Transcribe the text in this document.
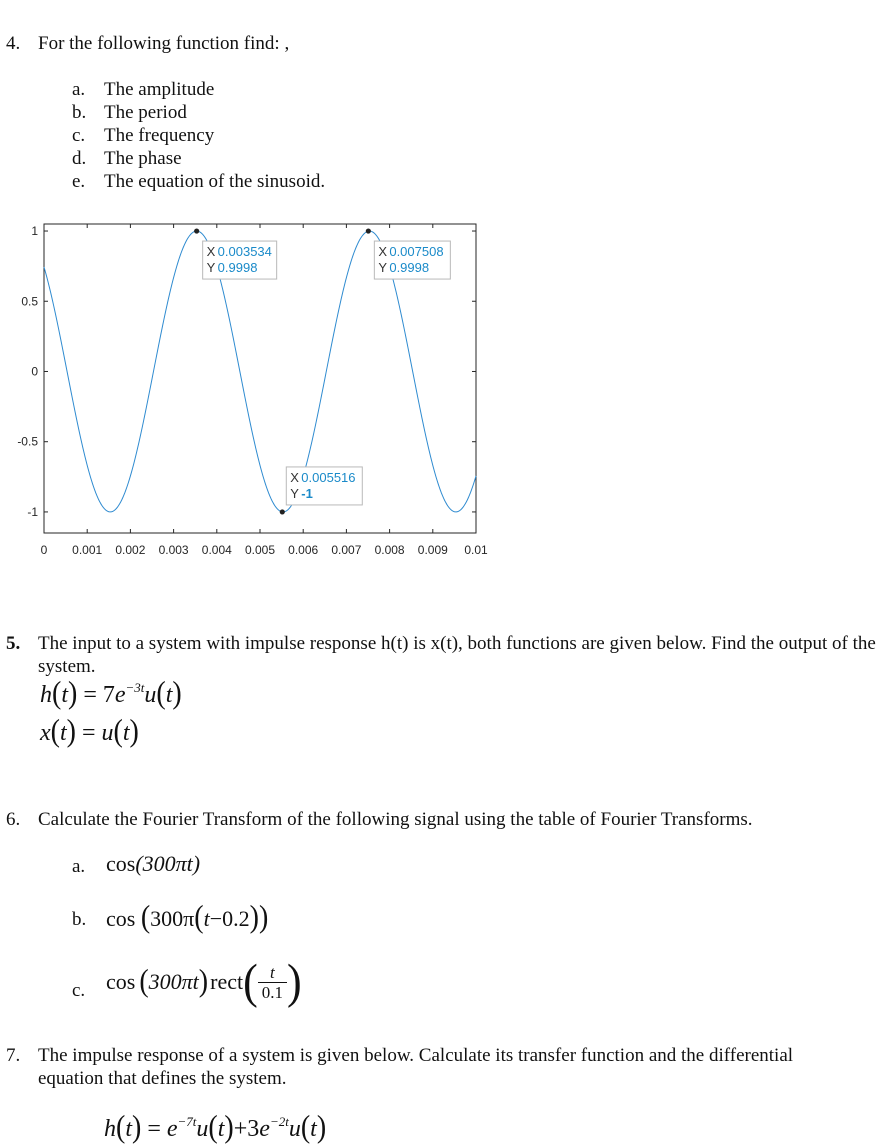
4. For the following function find: ,
a. The amplitude
b. The period
c. The frequency
d. The phase
e. The equation of the sinusoid.
0 0.001 0.002 0.003 0.004 0.005 0.006 0.007 0.008 0.009 0.01
1
0.5
0
-0.5
-1
X 0.003534
Y 0.9998
X 0.005516
Y -1
X 0.007508
Y 0.9998
5. The input to a system with impulse response h(t) is x(t), both functions are given below. Find the output of the system.
$h(t) = 7e^{-3t}u(t)$
x(t) = u(t)
6. Calculate the Fourier Transform of the following signal using the table of Fourier Transforms.
a. cos(300πt)
b. cos (300π(t−0.2))
c. cos ( 300πt ) rect ( $\frac{t}{0.1}$ )
7. The impulse response of a system is given below. Calculate its transfer function and the differential equation that defines the system.
$h(t) = e^{-7t}u(t)+3e^{-2t}u(t)$
